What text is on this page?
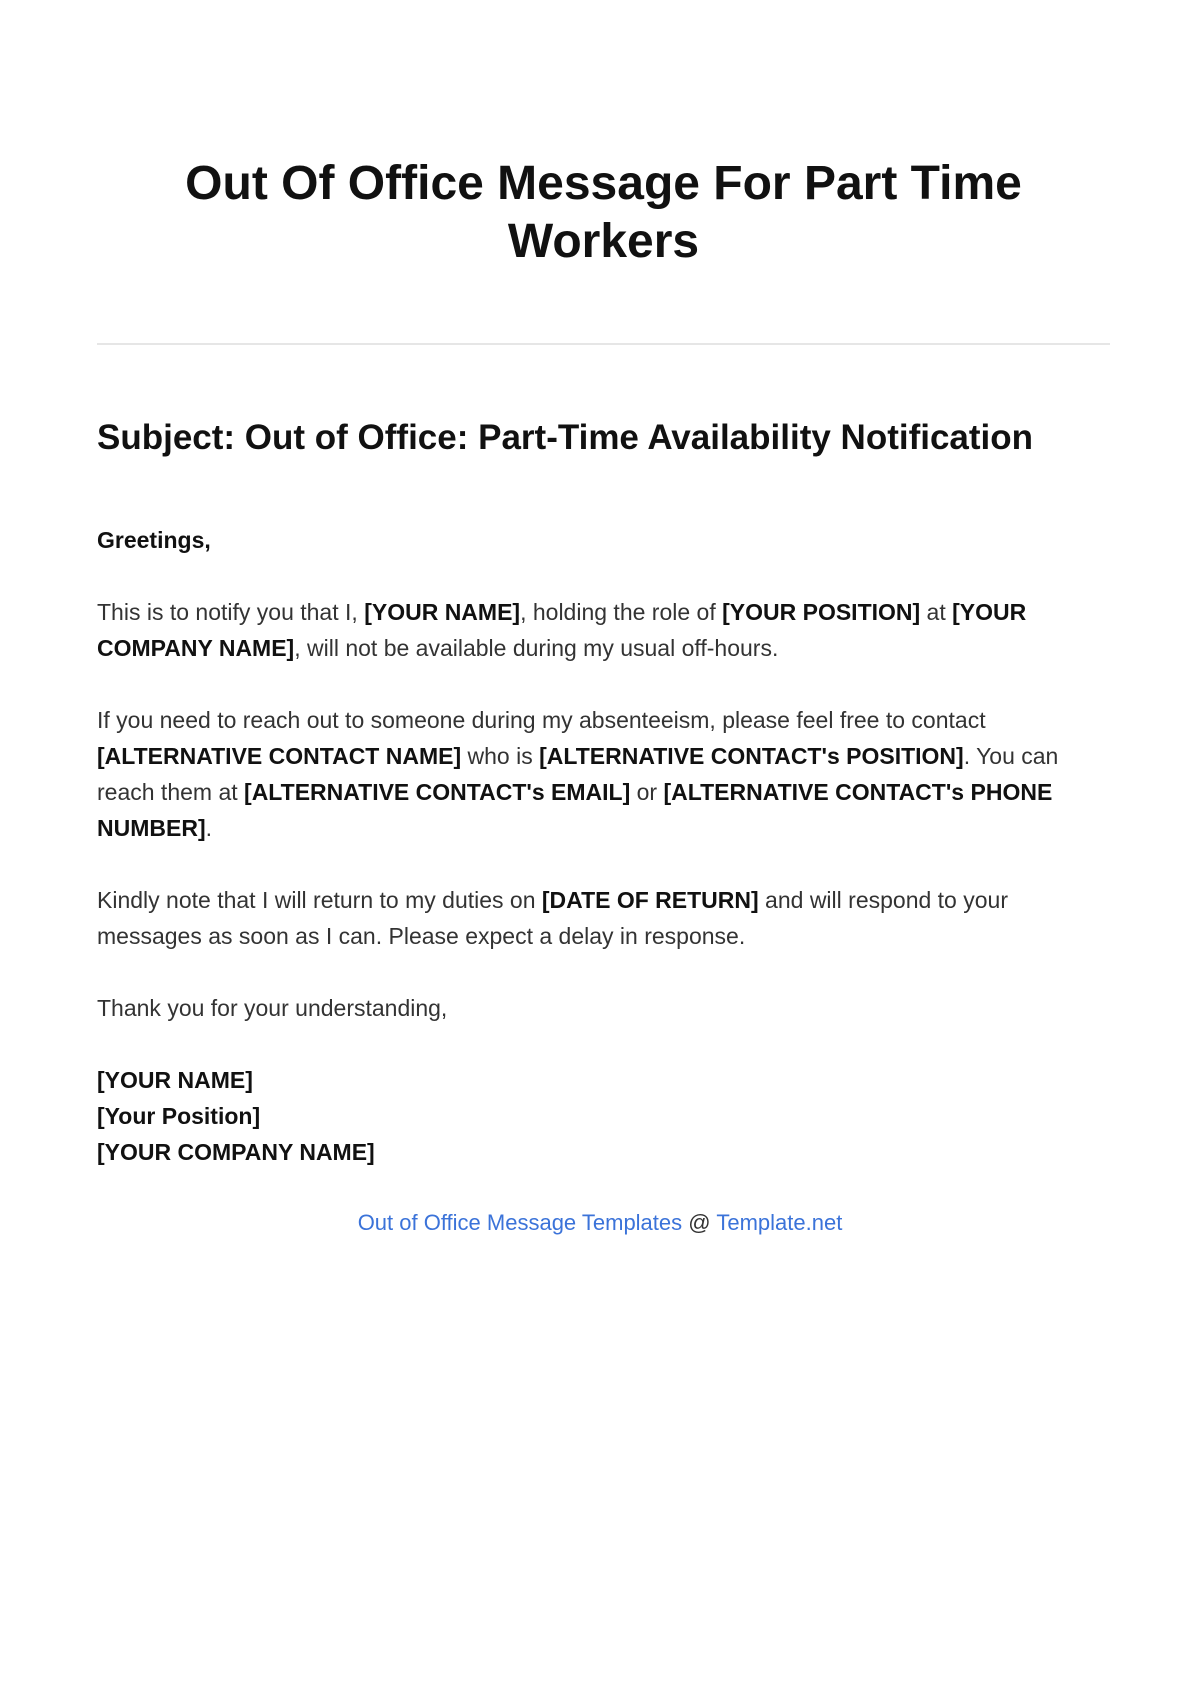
Out Of Office Message For Part Time Workers
Subject: Out of Office: Part-Time Availability Notification

Greetings,

This is to notify you that I, [YOUR NAME], holding the role of [YOUR POSITION] at [YOUR COMPANY NAME], will not be available during my usual off-hours.

If you need to reach out to someone during my absenteeism, please feel free to contact [ALTERNATIVE CONTACT NAME] who is [ALTERNATIVE CONTACT's POSITION]. You can reach them at [ALTERNATIVE CONTACT's EMAIL] or [ALTERNATIVE CONTACT's PHONE NUMBER].

Kindly note that I will return to my duties on [DATE OF RETURN] and will respond to your messages as soon as I can. Please expect a delay in response.

Thank you for your understanding,

[YOUR NAME]
[Your Position]
[YOUR COMPANY NAME]

Out of Office Message Templates @ Template.net
